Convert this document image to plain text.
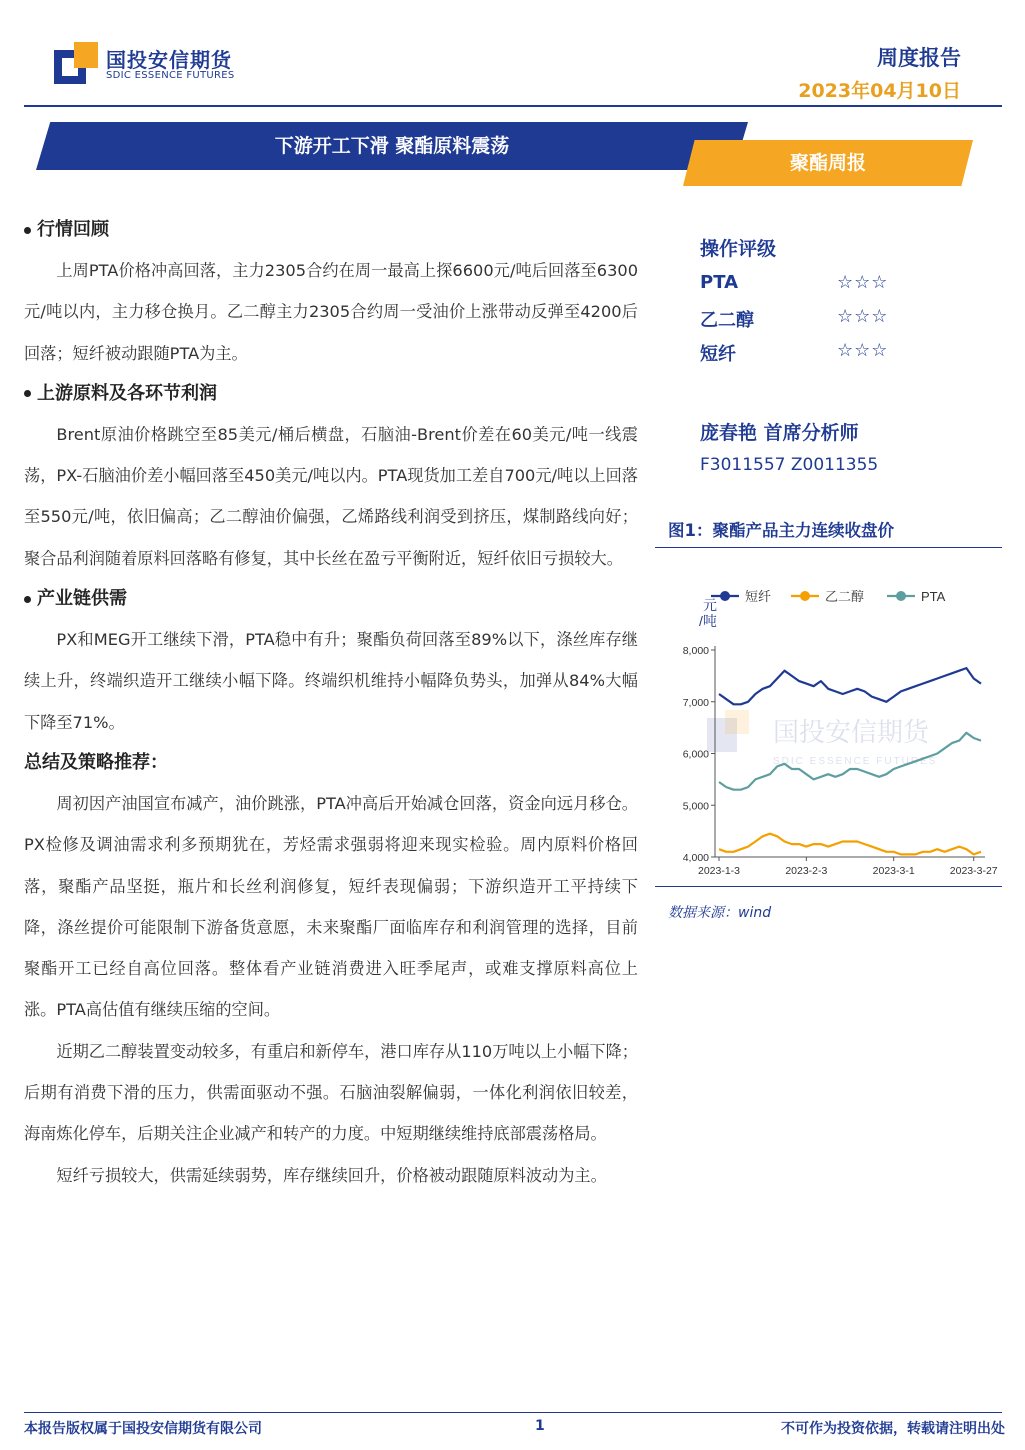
国投安信期货
SDIC ESSENCE FUTURES
周度报告
2023年04月10日
下游开工下滑 聚酯原料震荡
聚酯周报
行情回顾

上周PTA价格冲高回落，主力2305合约在周一最高上探6600元/吨后回落至6300元/吨以内，主力移仓换月。乙二醇主力2305合约周一受油价上涨带动反弹至4200后回落；短纤被动跟随PTA为主。

上游原料及各环节利润

Brent原油价格跳空至85美元/桶后横盘，石脑油-Brent价差在60美元/吨一线震荡，PX-石脑油价差小幅回落至450美元/吨以内。PTA现货加工差自700元/吨以上回落至550元/吨，依旧偏高；乙二醇油价偏强，乙烯路线利润受到挤压，煤制路线向好；聚合品利润随着原料回落略有修复，其中长丝在盈亏平衡附近，短纤依旧亏损较大。

产业链供需

PX和MEG开工继续下滑，PTA稳中有升；聚酯负荷回落至89%以下，涤丝库存继续上升，终端织造开工继续小幅下降。终端织机维持小幅降负势头，加弹从84%大幅下降至71%。

总结及策略推荐：

周初因产油国宣布减产，油价跳涨，PTA冲高后开始减仓回落，资金向远月移仓。PX检修及调油需求利多预期犹在，芳烃需求强弱将迎来现实检验。周内原料价格回落，聚酯产品坚挺，瓶片和长丝利润修复，短纤表现偏弱；下游织造开工平持续下降，涤丝提价可能限制下游备货意愿，未来聚酯厂面临库存和利润管理的选择，目前聚酯开工已经自高位回落。整体看产业链消费进入旺季尾声，或难支撑原料高位上涨。PTA高估值有继续压缩的空间。

近期乙二醇装置变动较多，有重启和新停车，港口库存从110万吨以上小幅下降；后期有消费下滑的压力，供需面驱动不强。石脑油裂解偏弱，一体化利润依旧较差，海南炼化停车，后期关注企业减产和转产的力度。中短期继续维持底部震荡格局。

短纤亏损较大，供需延续弱势，库存继续回升，价格被动跟随原料波动为主。

操作评级
PTA	☆☆☆
乙二醇	☆☆☆
短纤	☆☆☆
庞春艳 首席分析师
F3011557 Z0011355
图1：聚酯产品主力连续收盘价
国投安信期货
SDIC ESSENCE FUTURES
短纤	乙二醇	PTA
元 /吨
4,000
5,000
6,000
7,000
8,000
2023-1-3	2023-2-3	2023-3-1	2023-3-27
数据来源：wind
本报告版权属于国投安信期货有限公司	1	不可作为投资依据，转载请注明出处
